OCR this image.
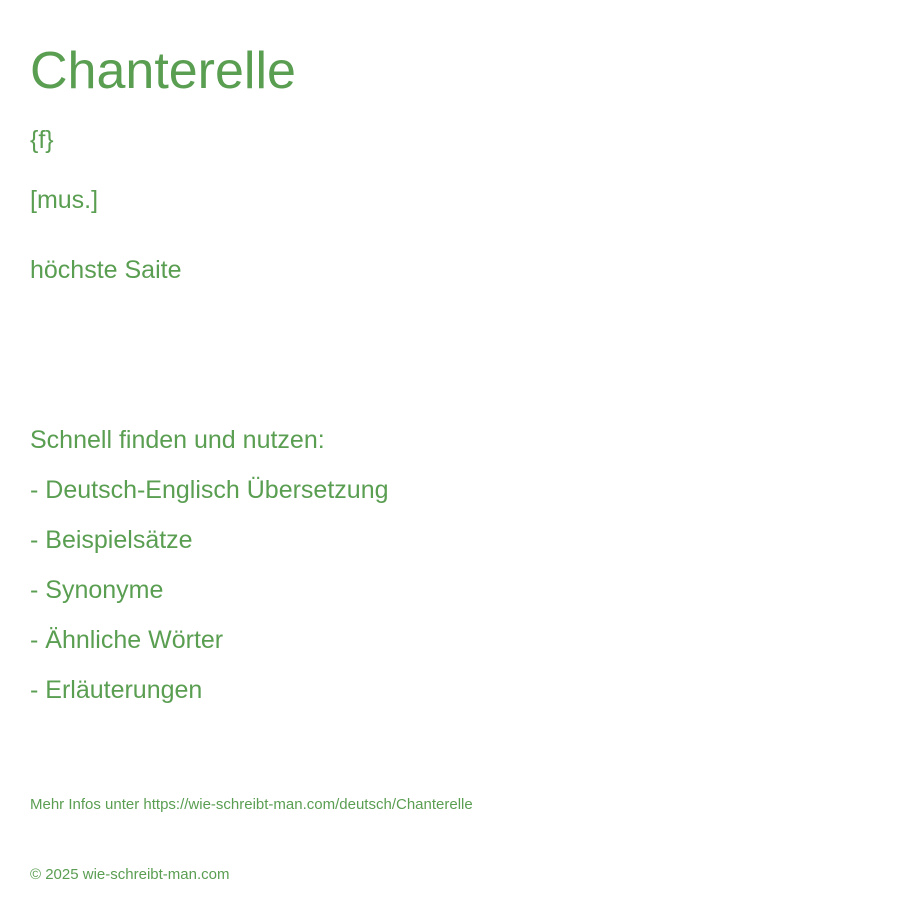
Chanterelle
{f}
[mus.]
höchste Saite
Schnell finden und nutzen:
- Deutsch-Englisch Übersetzung
- Beispielsätze
- Synonyme
- Ähnliche Wörter
- Erläuterungen
Mehr Infos unter https://wie-schreibt-man.com/deutsch/Chanterelle
© 2025 wie-schreibt-man.com
